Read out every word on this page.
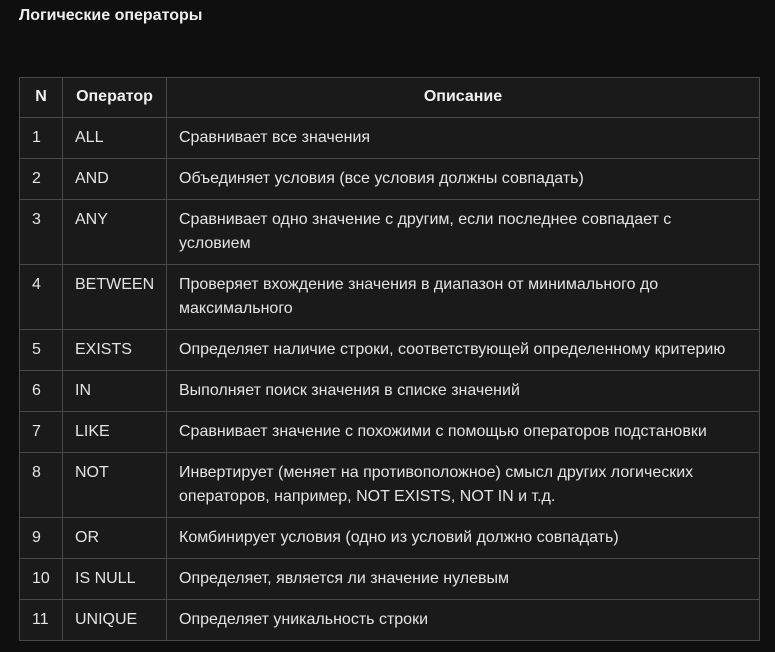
Логические операторы
N	Оператор	Описание
1	ALL	Сравнивает все значения
2	AND	Объединяет условия (все условия должны совпадать)
3	ANY	Сравнивает одно значение с другим, если последнее совпадает с условием
4	BETWEEN	Проверяет вхождение значения в диапазон от минимального до максимального
5	EXISTS	Определяет наличие строки, соответствующей определенному критерию
6	IN	Выполняет поиск значения в списке значений
7	LIKE	Сравнивает значение с похожими с помощью операторов подстановки
8	NOT	Инвертирует (меняет на противоположное) смысл других логических операторов, например, NOT EXISTS, NOT IN и т.д.
9	OR	Комбинирует условия (одно из условий должно совпадать)
10	IS NULL	Определяет, является ли значение нулевым
11	UNIQUE	Определяет уникальность строки
